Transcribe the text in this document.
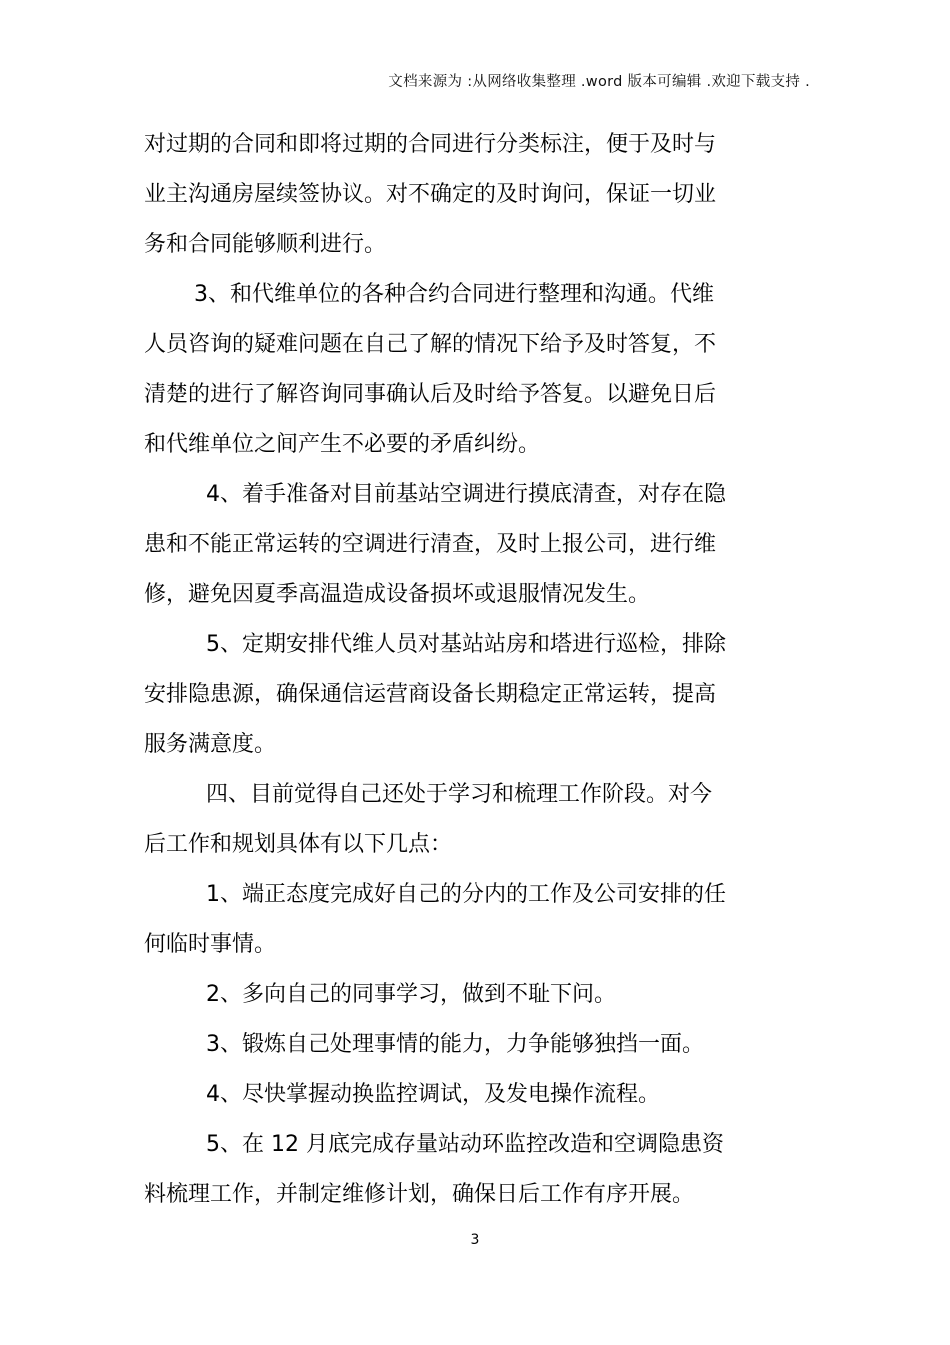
文档来源为 :从网络收集整理 .word 版本可编辑 .欢迎下载支持 .
对过期的合同和即将过期的合同进行分类标注，便于及时与
业主沟通房屋续签协议。对不确定的及时询问，保证一切业
务和合同能够顺利进行。
3、和代维单位的各种合约合同进行整理和沟通。代维
人员咨询的疑难问题在自己了解的情况下给予及时答复，不
清楚的进行了解咨询同事确认后及时给予答复。以避免日后
和代维单位之间产生不必要的矛盾纠纷。
4、着手准备对目前基站空调进行摸底清查，对存在隐
患和不能正常运转的空调进行清查，及时上报公司，进行维
修，避免因夏季高温造成设备损坏或退服情况发生。
5、定期安排代维人员对基站站房和塔进行巡检，排除
安排隐患源，确保通信运营商设备长期稳定正常运转，提高
服务满意度。
四、目前觉得自己还处于学习和梳理工作阶段。对今
后工作和规划具体有以下几点：
1、端正态度完成好自己的分内的工作及公司安排的任
何临时事情。
2、多向自己的同事学习，做到不耻下问。
3、锻炼自己处理事情的能力，力争能够独挡一面。
4、尽快掌握动换监控调试，及发电操作流程。
5、在 12 月底完成存量站动环监控改造和空调隐患资
料梳理工作，并制定维修计划，确保日后工作有序开展。
3
